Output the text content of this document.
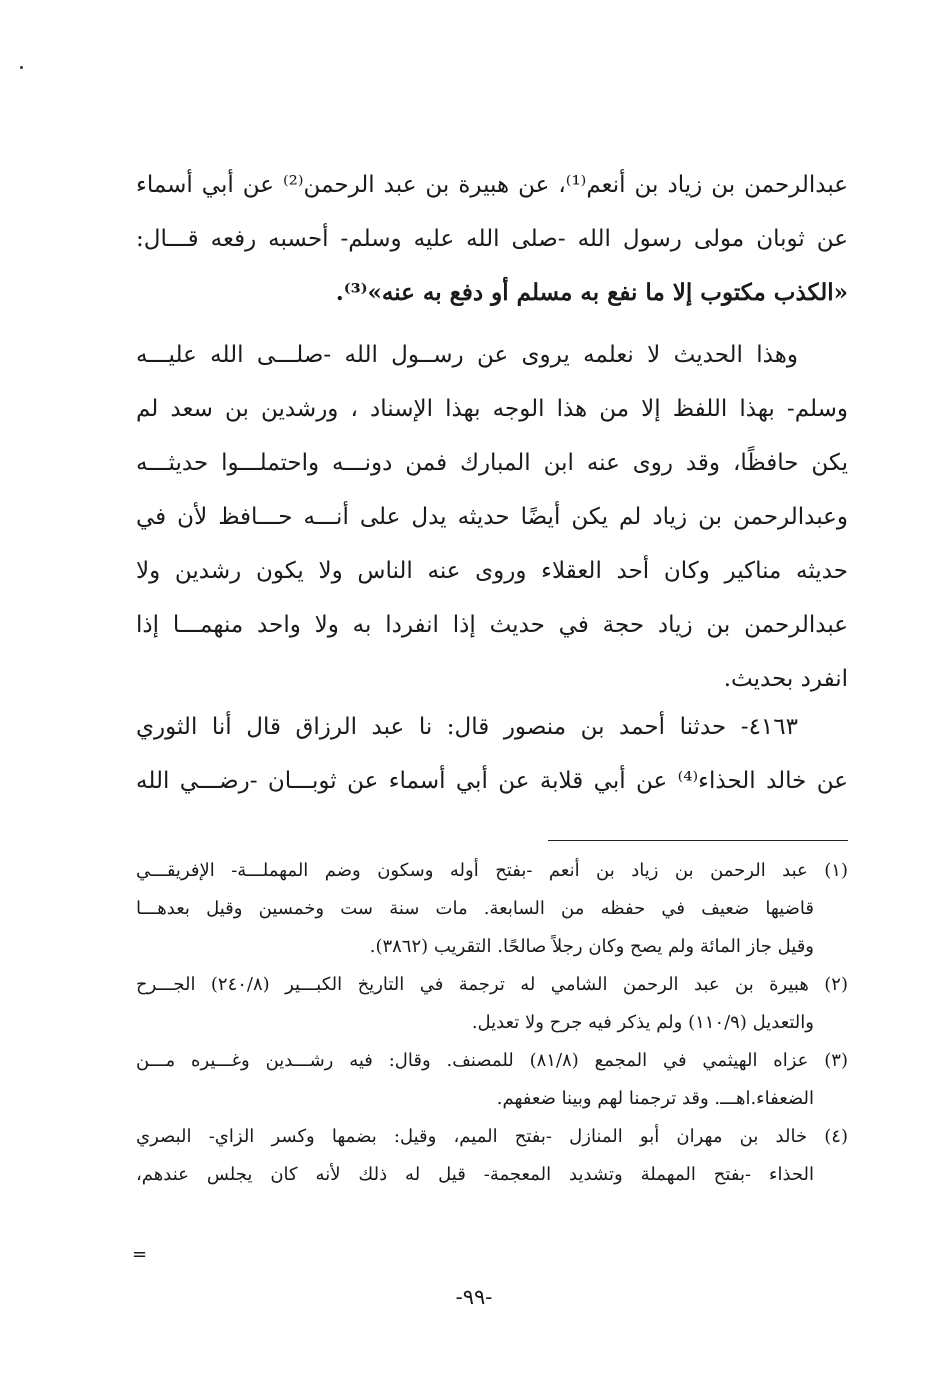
عبدالرحمن بن زياد بن أنعم⁽¹⁾، عن هبيرة بن عبد الرحمن⁽²⁾ عن أبي أسماء
عن ثوبان مولى رسول الله -صلى الله عليه وسلم- أحسبه رفعه قـــال:
«الكذب مكتوب إلا ما نفع به مسلم أو دفع به عنه»⁽³⁾.
وهذا الحديث لا نعلمه يروى عن رســول الله -صلـــى الله عليـــه
وسلم- بهذا اللفظ إلا من هذا الوجه بهذا الإسناد ، ورشدين بن سعد لم
يكن حافظًا، وقد روى عنه ابن المبارك فمن دونـــه واحتملـــوا حديثـــه
وعبدالرحمن بن زياد لم يكن أيضًا حديثه يدل على أنـــه حـــافظ لأن في
حديثه مناكير وكان أحد العقلاء وروى عنه الناس ولا يكون رشدين ولا
عبدالرحمن بن زياد حجة في حديث إذا انفردا به ولا واحد منهمـــا إذا
انفرد بحديث.
٤١٦٣- حدثنا أحمد بن منصور قال: نا عبد الرزاق قال أنا الثوري
عن خالد الحذاء⁽⁴⁾ عن أبي قلابة عن أبي أسماء عن ثوبـــان -رضـــي الله
(١) عبد الرحمن بن زياد بن أنعم -بفتح أوله وسكون وضم المهملـــة- الإفريقـــي
قاضيها ضعيف في حفظه من السابعة. مات سنة ست وخمسين وقيل بعدهـــا
وقيل جاز المائة ولم يصح وكان رجلاً صالحًا. التقريب (٣٨٦٢).
(٢) هبيرة بن عبد الرحمن الشامي له ترجمة في التاريخ الكبـــير (٢٤٠/٨) الجـــرح
والتعديل (١١٠/٩) ولم يذكر فيه جرح ولا تعديل.
(٣) عزاه الهيثمي في المجمع (٨١/٨) للمصنف. وقال: فيه رشـــدين وغـــيره مـــن
الضعفاء.اهـــ. وقد ترجمنا لهم وبينا ضعفهم.
(٤) خالد بن مهران أبو المنازل -بفتح الميم، وقيل: بضمها وكسر الزاي- البصري
الحذاء -بفتح المهملة وتشديد المعجمة- قيل له ذلك لأنه كان يجلس عندهم،
=
-٩٩-
